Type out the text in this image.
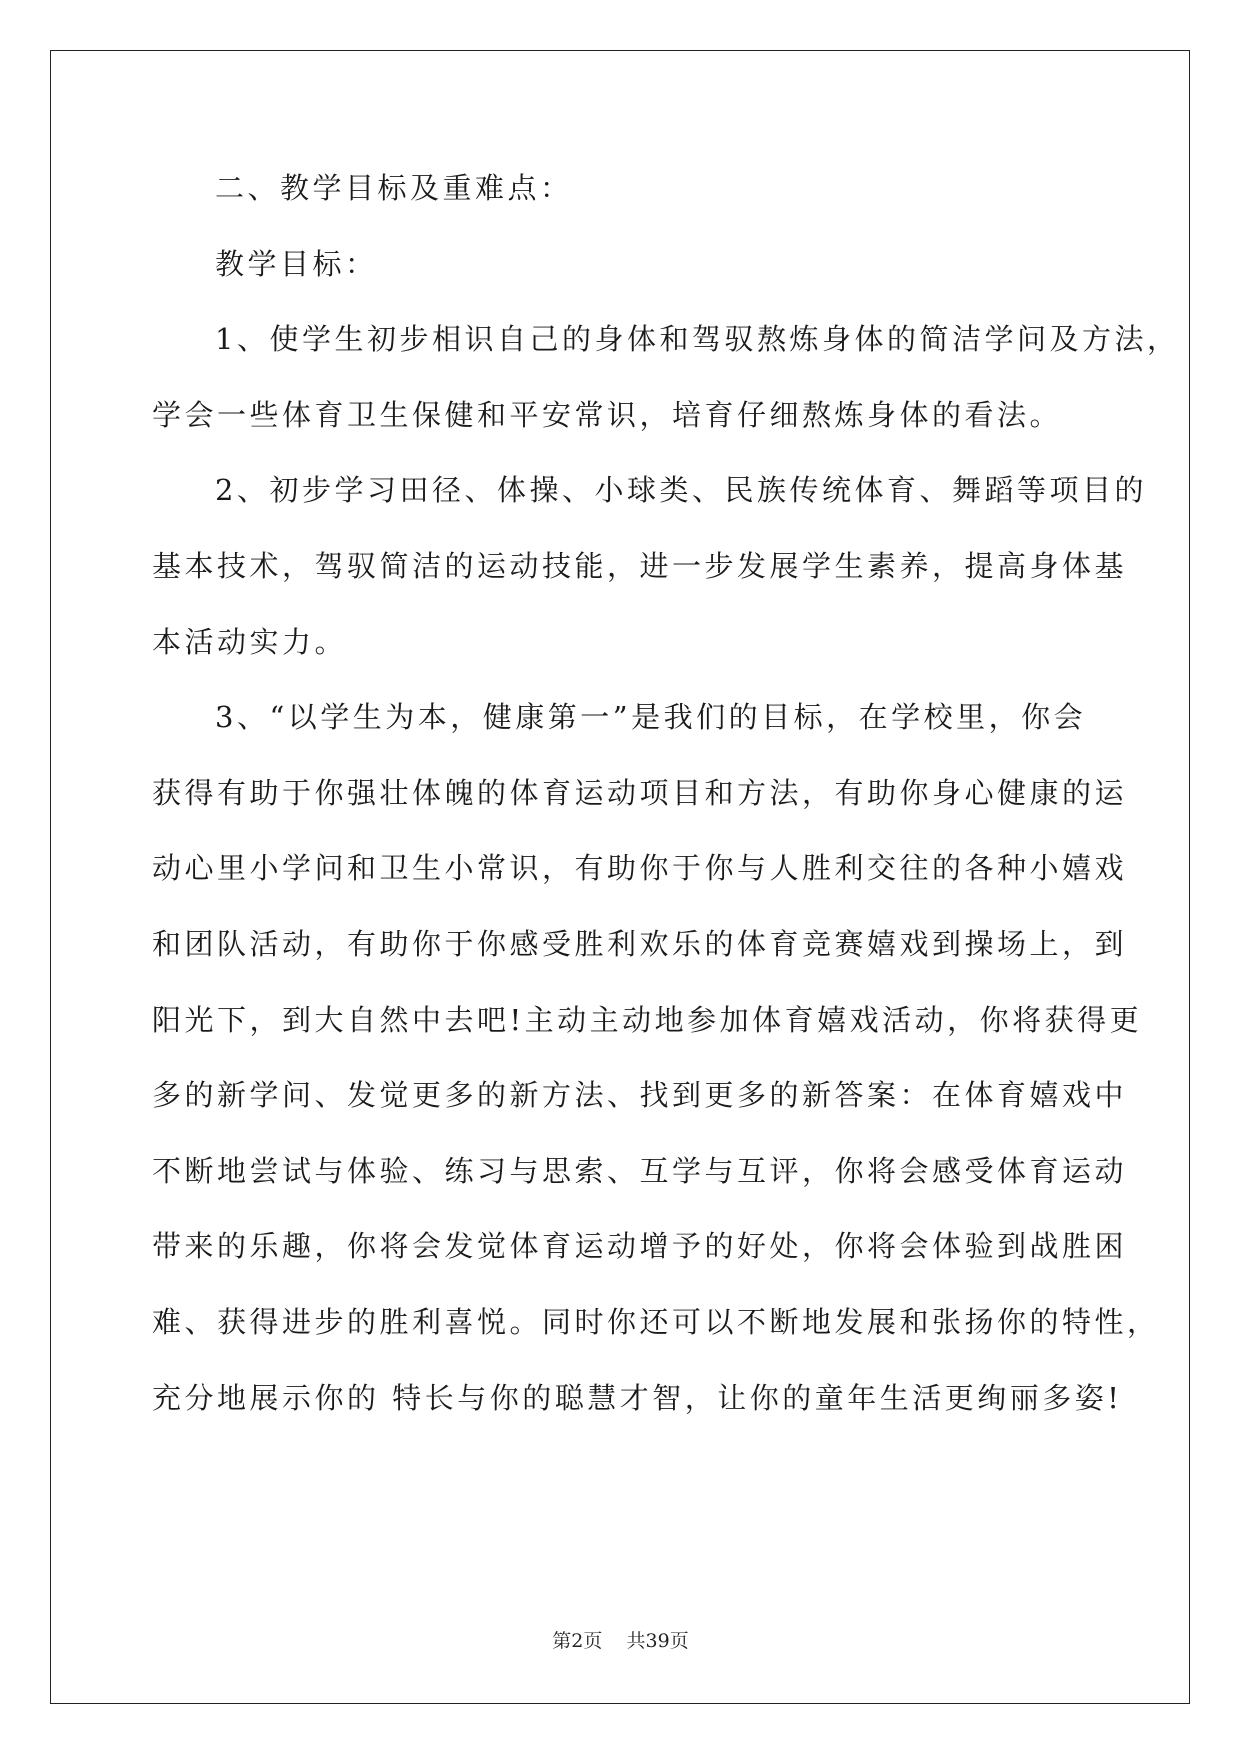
二、教学目标及重难点：
教学目标：
1、使学生初步相识自己的身体和驾驭熬炼身体的简洁学问及方法，
学会一些体育卫生保健和平安常识，培育仔细熬炼身体的看法。
2、初步学习田径、体操、小球类、民族传统体育、舞蹈等项目的
基本技术，驾驭简洁的运动技能，进一步发展学生素养，提高身体基
本活动实力。
3、“以学生为本，健康第一”是我们的目标，在学校里，你会
获得有助于你强壮体魄的体育运动项目和方法，有助你身心健康的运
动心里小学问和卫生小常识，有助你于你与人胜利交往的各种小嬉戏
和团队活动，有助你于你感受胜利欢乐的体育竞赛嬉戏到操场上，到
阳光下，到大自然中去吧!主动主动地参加体育嬉戏活动，你将获得更
多的新学问、发觉更多的新方法、找到更多的新答案：在体育嬉戏中
不断地尝试与体验、练习与思索、互学与互评，你将会感受体育运动
带来的乐趣，你将会发觉体育运动增予的好处，你将会体验到战胜困
难、获得进步的胜利喜悦。同时你还可以不断地发展和张扬你的特性，
充分地展示你的 特长与你的聪慧才智，让你的童年生活更绚丽多姿!
第2页 共39页
